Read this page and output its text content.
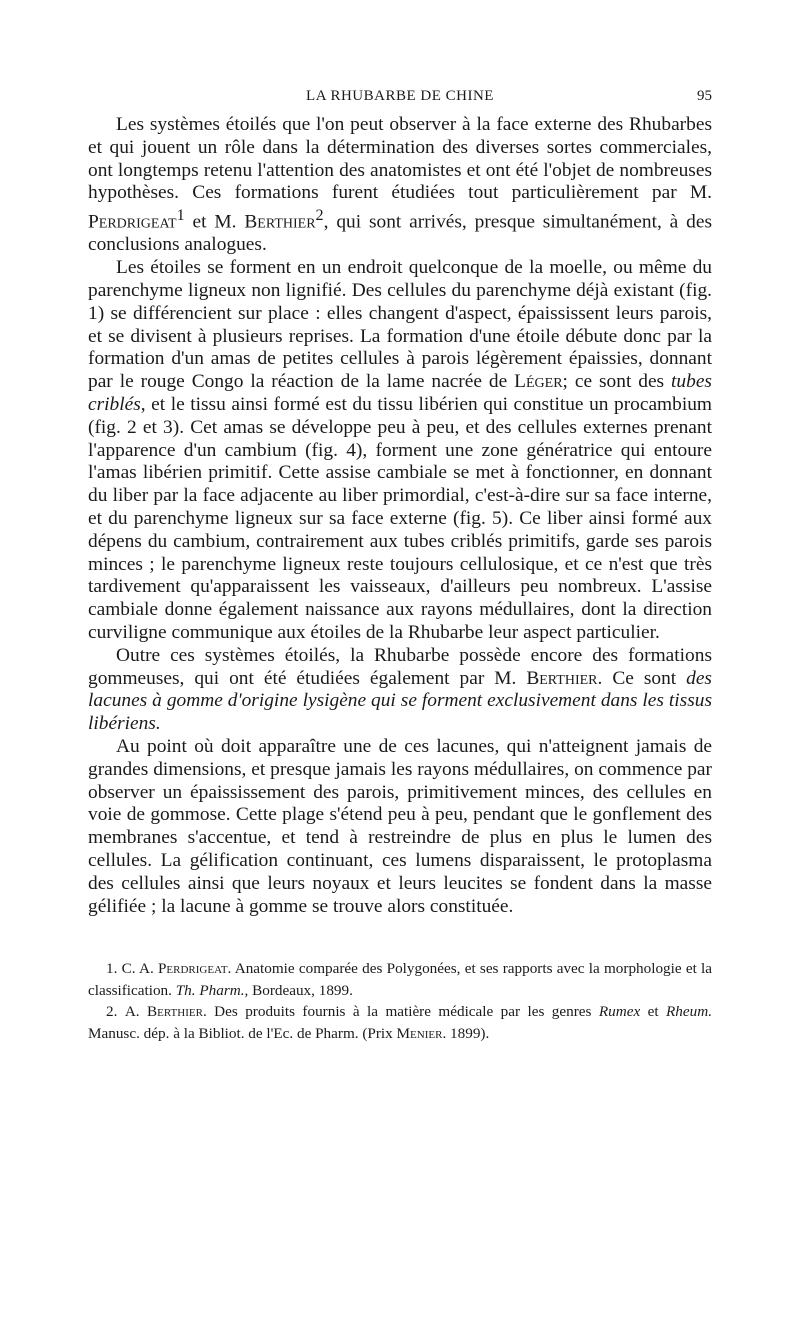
LA RHUBARBE DE CHINE	95

Les systèmes étoilés que l'on peut observer à la face externe des Rhubarbes et qui jouent un rôle dans la détermination des diverses sortes commerciales, ont longtemps retenu l'attention des anatomistes et ont été l'objet de nombreuses hypothèses. Ces formations furent étudiées tout particulièrement par M. Perdrigeat$^1$ et M. Berthier$^2$, qui sont arrivés, presque simultanément, à des conclusions analogues.

Les étoiles se forment en un endroit quelconque de la moelle, ou même du parenchyme ligneux non lignifié. Des cellules du parenchyme déjà existant (fig. 1) se différencient sur place : elles changent d'aspect, épaississent leurs parois, et se divisent à plusieurs reprises. La formation d'une étoile débute donc par la formation d'un amas de petites cellules à parois légèrement épaissies, donnant par le rouge Congo la réaction de la lame nacrée de Léger; ce sont des tubes criblés, et le tissu ainsi formé est du tissu libérien qui constitue un procambium (fig. 2 et 3). Cet amas se développe peu à peu, et des cellules externes prenant l'apparence d'un cambium (fig. 4), forment une zone génératrice qui entoure l'amas libérien primitif. Cette assise cambiale se met à fonctionner, en donnant du liber par la face adjacente au liber primordial, c'est-à-dire sur sa face interne, et du parenchyme ligneux sur sa face externe (fig. 5). Ce liber ainsi formé aux dépens du cambium, contrairement aux tubes criblés primitifs, garde ses parois minces ; le parenchyme ligneux reste toujours cellulosique, et ce n'est que très tardivement qu'apparaissent les vaisseaux, d'ailleurs peu nombreux. L'assise cambiale donne également naissance aux rayons médullaires, dont la direction curviligne communique aux étoiles de la Rhubarbe leur aspect particulier.

Outre ces systèmes étoilés, la Rhubarbe possède encore des formations gommeuses, qui ont été étudiées également par M. Berthier. Ce sont des lacunes à gomme d'origine lysigène qui se forment exclusivement dans les tissus libériens.

Au point où doit apparaître une de ces lacunes, qui n'atteignent jamais de grandes dimensions, et presque jamais les rayons médullaires, on commence par observer un épaississement des parois, primitivement minces, des cellules en voie de gommose. Cette plage s'étend peu à peu, pendant que le gonflement des membranes s'accentue, et tend à restreindre de plus en plus le lumen des cellules. La gélification continuant, ces lumens disparaissent, le protoplasma des cellules ainsi que leurs noyaux et leurs leucites se fondent dans la masse gélifiée ; la lacune à gomme se trouve alors constituée.

1. C. A. Perdrigeat. Anatomie comparée des Polygonées, et ses rapports avec la morphologie et la classification. Th. Pharm., Bordeaux, 1899.

2. A. Berthier. Des produits fournis à la matière médicale par les genres Rumex et Rheum. Manusc. dép. à la Bibliot. de l'Ec. de Pharm. (Prix Menier. 1899).
